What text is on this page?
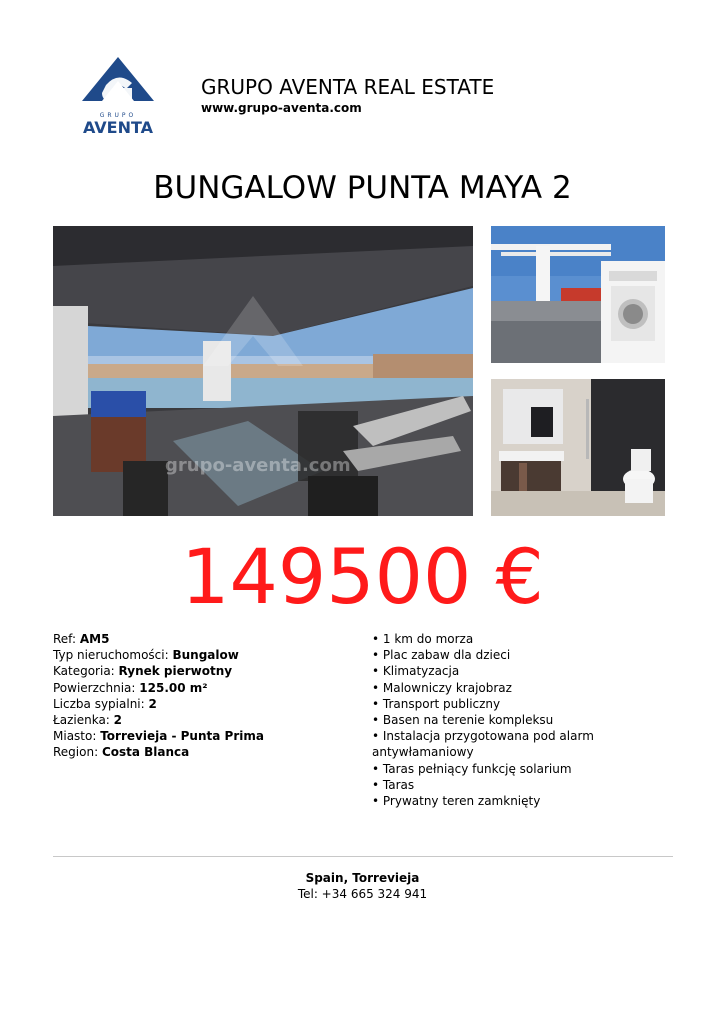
GRUPO
AVENTA
GRUPO AVENTA REAL ESTATE
www.grupo-aventa.com
BUNGALOW PUNTA MAYA 2
grupo-aventa.com
149500 €
Ref: AM5
Typ nieruchomości: Bungalow
Kategoria: Rynek pierwotny
Powierzchnia: 125.00 m²
Liczba sypialni: 2
Łazienka: 2
Miasto: Torrevieja - Punta Prima
Region: Costa Blanca
• 1 km do morza
• Plac zabaw dla dzieci
• Klimatyzacja
• Malowniczy krajobraz
• Transport publiczny
• Basen na terenie kompleksu
• Instalacja przygotowana pod alarm antywłamaniowy
• Taras pełniący funkcję solarium
• Taras
• Prywatny teren zamknięty
Spain, Torrevieja
Tel: +34 665 324 941
